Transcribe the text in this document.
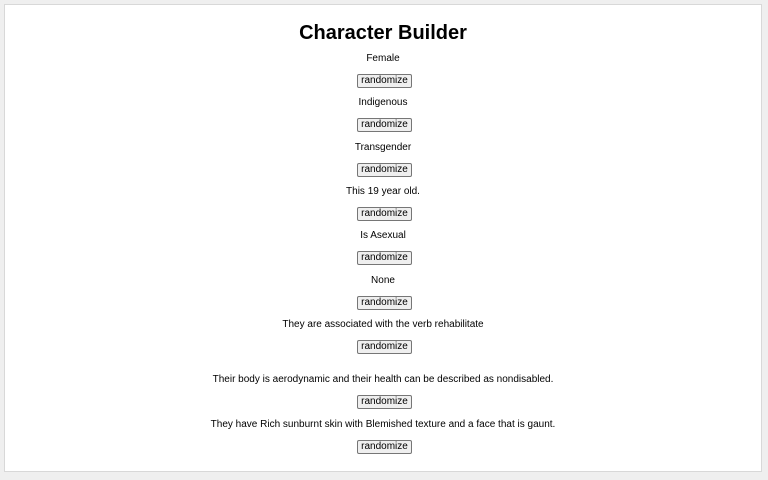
Character Builder
Female
randomize
Indigenous
randomize
Transgender
randomize
This 19 year old.
randomize
Is Asexual
randomize
None
randomize
They are associated with the verb rehabilitate
randomize
Their body is aerodynamic and their health can be described as nondisabled.
randomize
They have Rich sunburnt skin with Blemished texture and a face that is gaunt.
randomize
